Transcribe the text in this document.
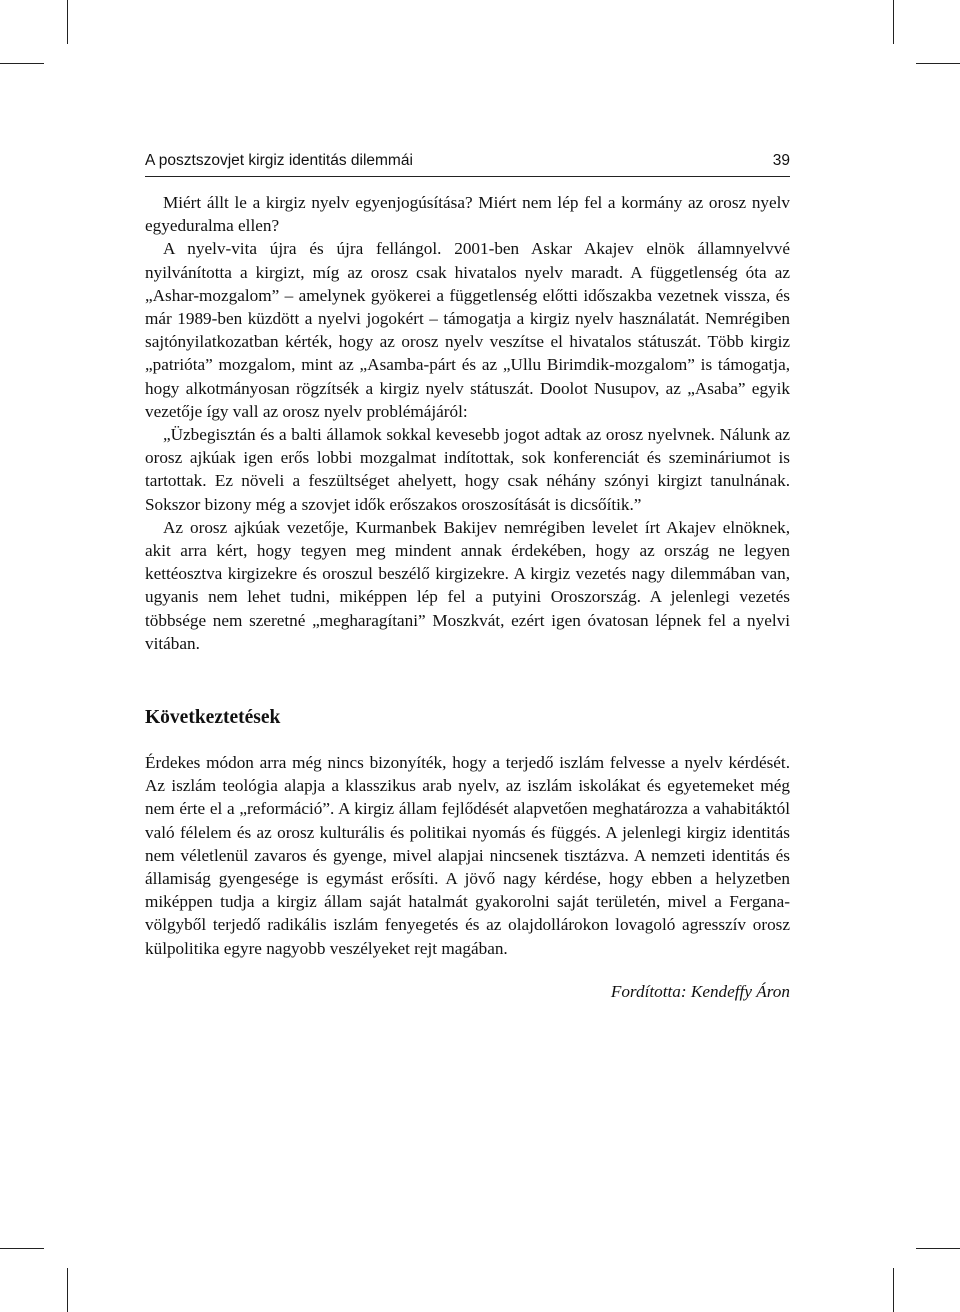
A posztszovjet kirgiz identitás dilemmái	39

Miért állt le a kirgiz nyelv egyenjogúsítása? Miért nem lép fel a kormány az orosz nyelv egyeduralma ellen?

A nyelv-vita újra és újra fellángol. 2001-ben Askar Akajev elnök államnyelvvé nyilvánította a kirgizt, míg az orosz csak hivatalos nyelv maradt. A függetlenség óta az „Ashar-mozgalom” – amelynek gyökerei a függetlenség előtti időszakba vezetnek vissza, és már 1989-ben küzdött a nyelvi jogokért – támogatja a kirgiz nyelv használatát. Nemrégiben sajtónyilatkozatban kérték, hogy az orosz nyelv veszítse el hivatalos státuszát. Több kirgiz „patrióta” mozgalom, mint az „Asamba-párt és az „Ullu Birimdik-mozgalom” is támogatja, hogy alkotmányosan rögzítsék a kirgiz nyelv státuszát. Doolot Nusupov, az „Asaba” egyik vezetője így vall az orosz nyelv problémájáról:

„Üzbegisztán és a balti államok sokkal kevesebb jogot adtak az orosz nyelvnek. Nálunk az orosz ajkúak igen erős lobbi mozgalmat indítottak, sok konferenciát és szemináriumot is tartottak. Ez növeli a feszültséget ahelyett, hogy csak néhány szónyi kirgizt tanulnának. Sokszor bizony még a szovjet idők erőszakos oroszosítását is dicsőítik.”

Az orosz ajkúak vezetője, Kurmanbek Bakijev nemrégiben levelet írt Akajev elnöknek, akit arra kért, hogy tegyen meg mindent annak érdekében, hogy az ország ne legyen kettéosztva kirgizekre és oroszul beszélő kirgizekre. A kirgiz vezetés nagy dilemmában van, ugyanis nem lehet tudni, miképpen lép fel a putyini Oroszország. A jelenlegi vezetés többsége nem szeretné „megharagítani” Moszkvát, ezért igen óvatosan lépnek fel a nyelvi vitában.

Következtetések

Érdekes módon arra még nincs bizonyíték, hogy a terjedő iszlám felvesse a nyelv kérdését. Az iszlám teológia alapja a klasszikus arab nyelv, az iszlám iskolákat és egyetemeket még nem érte el a „reformáció”. A kirgiz állam fejlődését alapvetően meghatározza a vahabitáktól való félelem és az orosz kulturális és politikai nyomás és függés. A jelenlegi kirgiz identitás nem véletlenül zavaros és gyenge, mivel alapjai nincsenek tisztázva. A nemzeti identitás és államiság gyengesége is egymást erősíti. A jövő nagy kérdése, hogy ebben a helyzetben miképpen tudja a kirgiz állam saját hatalmát gyakorolni saját területén, mivel a Fergana-völgyből terjedő radikális iszlám fenyegetés és az olajdollárokon lovagoló agresszív orosz külpolitika egyre nagyobb veszélyeket rejt magában.

Fordította: Kendeffy Áron
